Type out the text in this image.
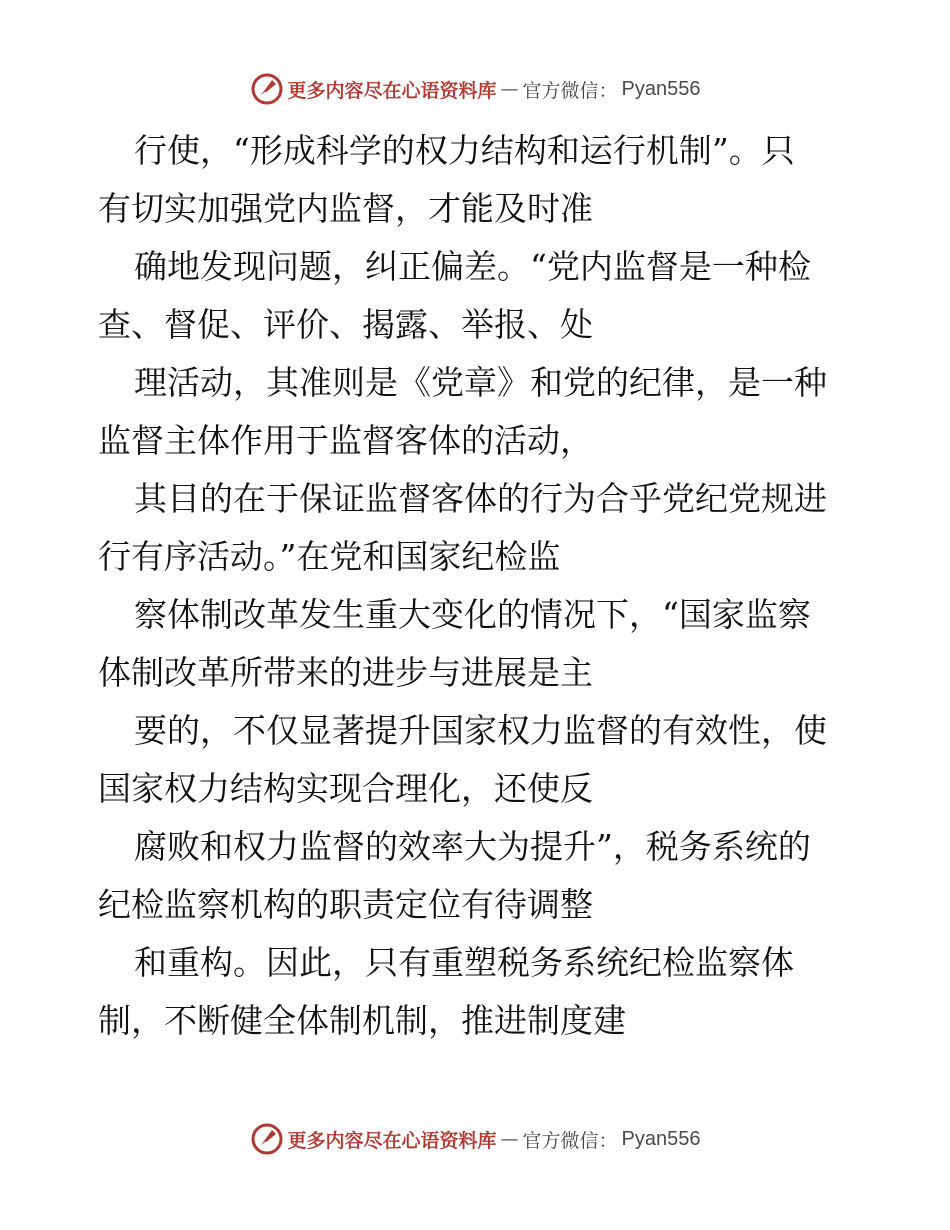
更多内容尽在心语资料库 — 官方微信： Pyan556
行使，“形成科学的权力结构和运行机制”。只
有切实加强党内监督，才能及时准
确地发现问题，纠正偏差。“党内监督是一种检
查、督促、评价、揭露、举报、处
理活动，其准则是《党章》和党的纪律，是一种
监督主体作用于监督客体的活动，
其目的在于保证监督客体的行为合乎党纪党规进
行有序活动。”在党和国家纪检监
察体制改革发生重大变化的情况下，“国家监察
体制改革所带来的进步与进展是主
要的，不仅显著提升国家权力监督的有效性，使
国家权力结构实现合理化，还使反
腐败和权力监督的效率大为提升”，税务系统的
纪检监察机构的职责定位有待调整
和重构。因此，只有重塑税务系统纪检监察体
制，不断健全体制机制，推进制度建
更多内容尽在心语资料库 — 官方微信： Pyan556
